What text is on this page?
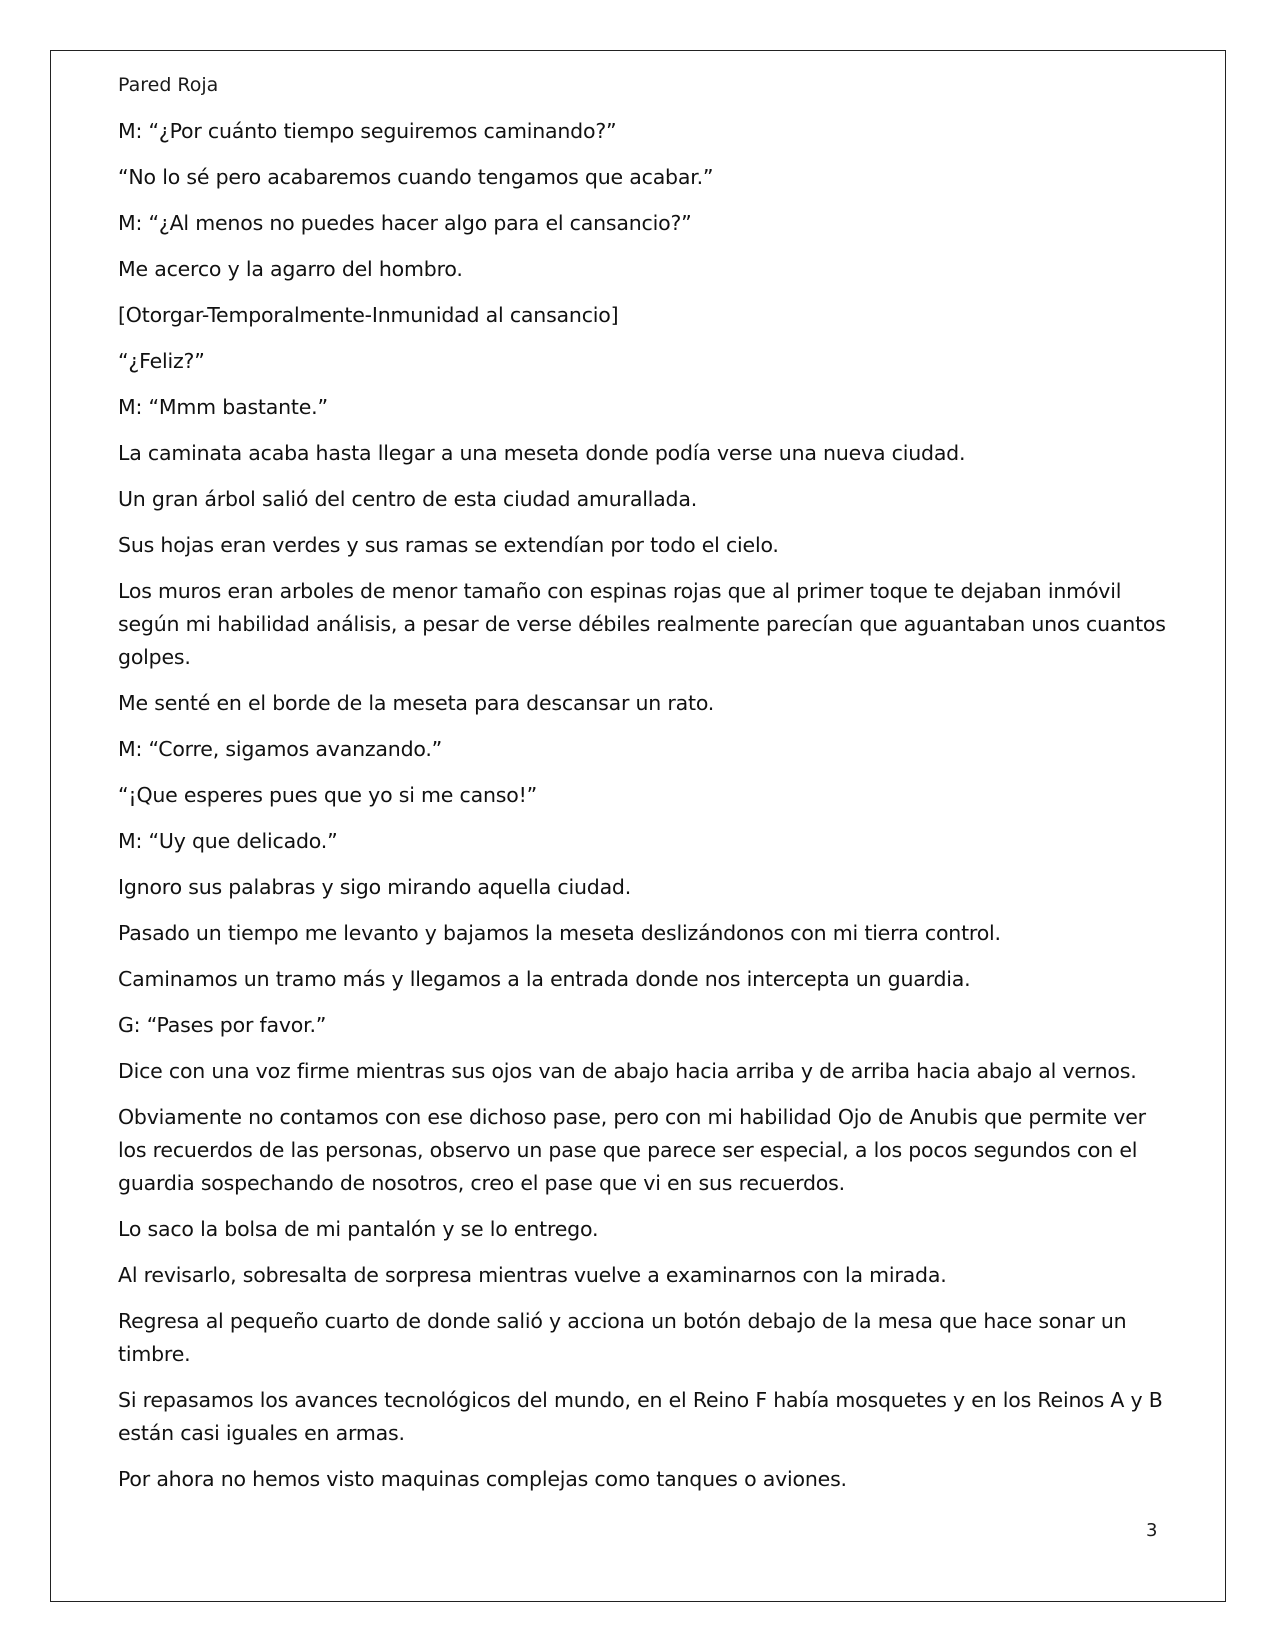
Pared Roja

M: “¿Por cuánto tiempo seguiremos caminando?”

“No lo sé pero acabaremos cuando tengamos que acabar.”

M: “¿Al menos no puedes hacer algo para el cansancio?”

Me acerco y la agarro del hombro.

[Otorgar-Temporalmente-Inmunidad al cansancio]

“¿Feliz?”

M: “Mmm bastante.”

La caminata acaba hasta llegar a una meseta donde podía verse una nueva ciudad.

Un gran árbol salió del centro de esta ciudad amurallada.

Sus hojas eran verdes y sus ramas se extendían por todo el cielo.

Los muros eran arboles de menor tamaño con espinas rojas que al primer toque te dejaban inmóvil según mi habilidad análisis, a pesar de verse débiles realmente parecían que aguantaban unos cuantos golpes.

Me senté en el borde de la meseta para descansar un rato.

M: “Corre, sigamos avanzando.”

“¡Que esperes pues que yo si me canso!”

M: “Uy que delicado.”

Ignoro sus palabras y sigo mirando aquella ciudad.

Pasado un tiempo me levanto y bajamos la meseta deslizándonos con mi tierra control.

Caminamos un tramo más y llegamos a la entrada donde nos intercepta un guardia.

G: “Pases por favor.”

Dice con una voz firme mientras sus ojos van de abajo hacia arriba y de arriba hacia abajo al vernos.

Obviamente no contamos con ese dichoso pase, pero con mi habilidad Ojo de Anubis que permite ver los recuerdos de las personas, observo un pase que parece ser especial, a los pocos segundos con el guardia sospechando de nosotros, creo el pase que vi en sus recuerdos.

Lo saco la bolsa de mi pantalón y se lo entrego.

Al revisarlo, sobresalta de sorpresa mientras vuelve a examinarnos con la mirada.

Regresa al pequeño cuarto de donde salió y acciona un botón debajo de la mesa que hace sonar un timbre.

Si repasamos los avances tecnológicos del mundo, en el Reino F había mosquetes y en los Reinos A y B están casi iguales en armas.

Por ahora no hemos visto maquinas complejas como tanques o aviones.

3
